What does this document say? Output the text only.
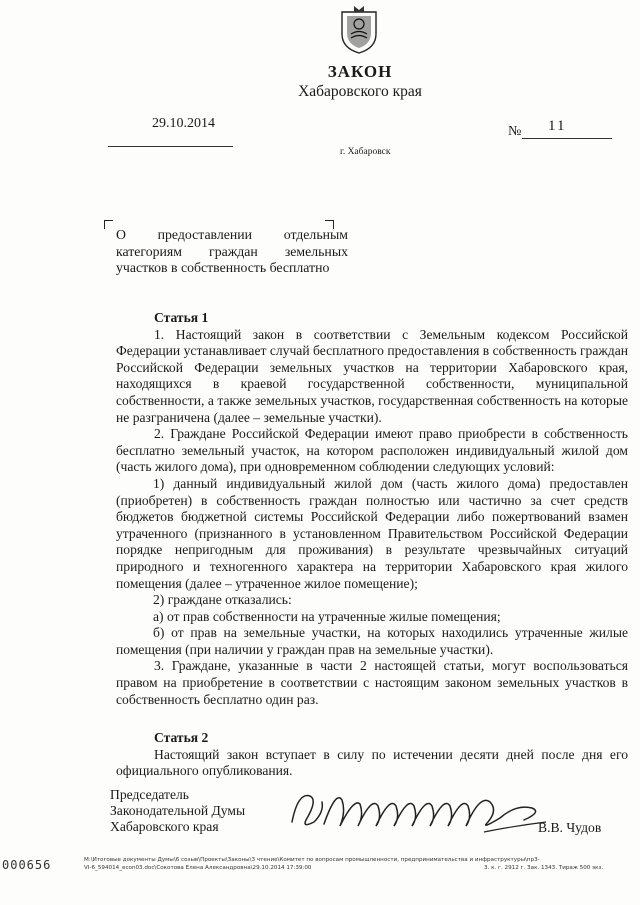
ЗАКОН
Хабаровского края
29.10.2014
г. Хабаровск
№ 11
О предоставлении отдельным
категориям граждан земельных
участков в собственность бесплатно

Статья 1

1. Настоящий закон в соответствии с Земельным кодексом Российской Федерации устанавливает случай бесплатного предоставления в собственность граждан Российской Федерации земельных участков на территории Хабаровского края, находящихся в краевой государственной собственности, муниципальной собственности, а также земельных участков, государственная собственность на которые не разграничена (далее – земельные участки).

2. Граждане Российской Федерации имеют право приобрести в собственность бесплатно земельный участок, на котором расположен индивидуальный жилой дом (часть жилого дома), при одновременном соблюдении следующих условий:

1) данный индивидуальный жилой дом (часть жилого дома) предоставлен (приобретен) в собственность граждан полностью или частично за счет средств бюджетов бюджетной системы Российской Федерации либо пожертвований взамен утраченного (признанного в установленном Правительством Российской Федерации порядке непригодным для проживания) в результате чрезвычайных ситуаций природного и техногенного характера на территории Хабаровского края жилого помещения (далее – утраченное жилое помещение);

2) граждане отказались:

а) от прав собственности на утраченные жилые помещения;

б) от прав на земельные участки, на которых находились утраченные жилые помещения (при наличии у граждан прав на земельные участки).

3. Граждане, указанные в части 2 настоящей статьи, могут воспользоваться правом на приобретение в соответствии с настоящим законом земельных участков в собственность бесплатно один раз.

Статья 2

Настоящий закон вступает в силу по истечении десяти дней после дня его официального опубликования.

Председатель
Законодательной Думы
Хабаровского края	В.В. Чудов
000656	M:\Итоговые документы Думы\6 созыв\Проекты\Законы\3 чтение\Комитет по вопросам промышленности, предпринимательства и инфраструктуры\пр3-
VI-6_594014_econ03.doc\Сокотова Елена Александровна\29.10.2014 17:39:00	3. к. г. 2912 г. Зак. 1343. Тираж 500 экз.
